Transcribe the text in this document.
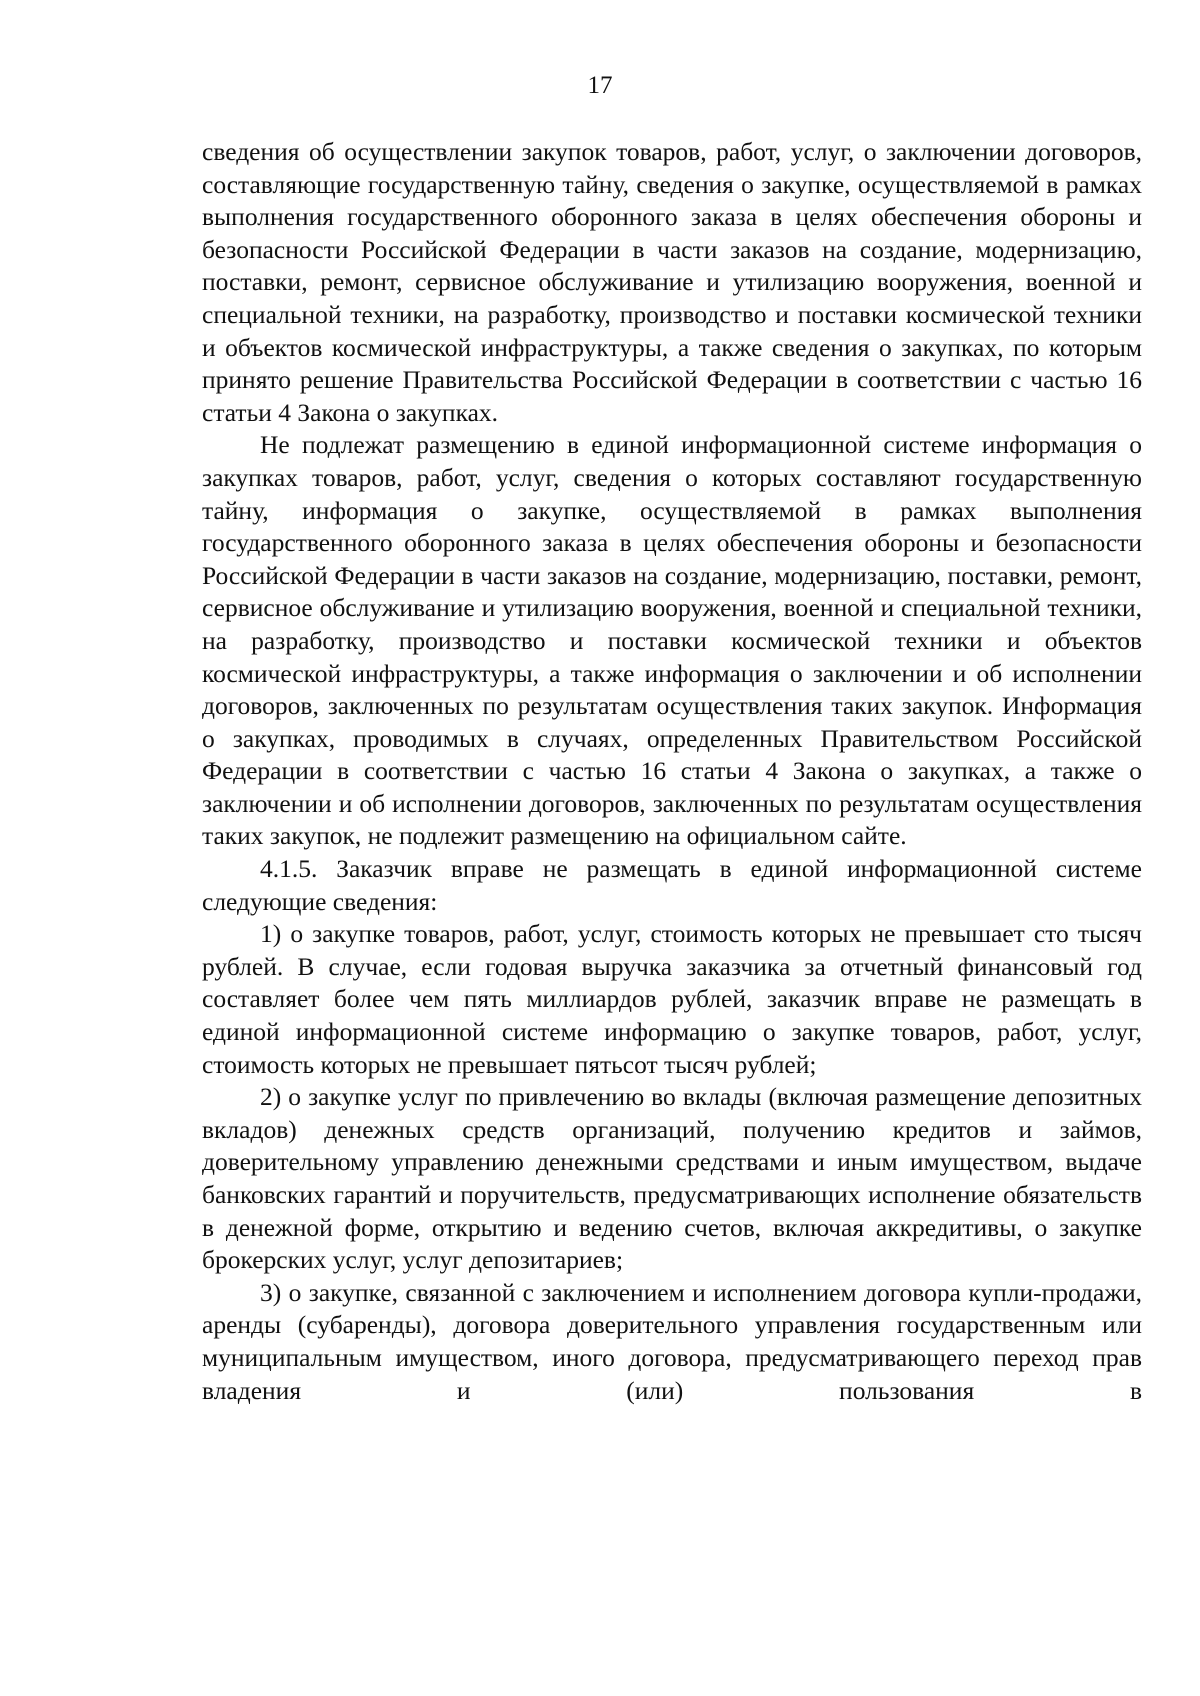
17

сведения об осуществлении закупок товаров, работ, услуг, о заключении договоров, составляющие государственную тайну, сведения о закупке, осуществляемой в рамках выполнения государственного оборонного заказа в целях обеспечения обороны и безопасности Российской Федерации в части заказов на создание, модернизацию, поставки, ремонт, сервисное обслуживание и утилизацию вооружения, военной и специальной техники, на разработку, производство и поставки космической техники и объектов космической инфраструктуры, а также сведения о закупках, по которым принято решение Правительства Российской Федерации в соответствии с частью 16 статьи 4 Закона о закупках.

Не подлежат размещению в единой информационной системе информация о закупках товаров, работ, услуг, сведения о которых составляют государственную тайну, информация о закупке, осуществляемой в рамках выполнения государственного оборонного заказа в целях обеспечения обороны и безопасности Российской Федерации в части заказов на создание, модернизацию, поставки, ремонт, сервисное обслуживание и утилизацию вооружения, военной и специальной техники, на разработку, производство и поставки космической техники и объектов космической инфраструктуры, а также информация о заключении и об исполнении договоров, заключенных по результатам осуществления таких закупок. Информация о закупках, проводимых в случаях, определенных Правительством Российской Федерации в соответствии с частью 16 статьи 4 Закона о закупках, а также о заключении и об исполнении договоров, заключенных по результатам осуществления таких закупок, не подлежит размещению на официальном сайте.

4.1.5. Заказчик вправе не размещать в единой информационной системе следующие сведения:

1) о закупке товаров, работ, услуг, стоимость которых не превышает сто тысяч рублей. В случае, если годовая выручка заказчика за отчетный финансовый год составляет более чем пять миллиардов рублей, заказчик вправе не размещать в единой информационной системе информацию о закупке товаров, работ, услуг, стоимость которых не превышает пятьсот тысяч рублей;

2) о закупке услуг по привлечению во вклады (включая размещение депозитных вкладов) денежных средств организаций, получению кредитов и займов, доверительному управлению денежными средствами и иным имуществом, выдаче банковских гарантий и поручительств, предусматривающих исполнение обязательств в денежной форме, открытию и ведению счетов, включая аккредитивы, о закупке брокерских услуг, услуг депозитариев;

3) о закупке, связанной с заключением и исполнением договора купли-продажи, аренды (субаренды), договора доверительного управления государственным или муниципальным имуществом, иного договора, предусматривающего переход прав владения и (или) пользования в
